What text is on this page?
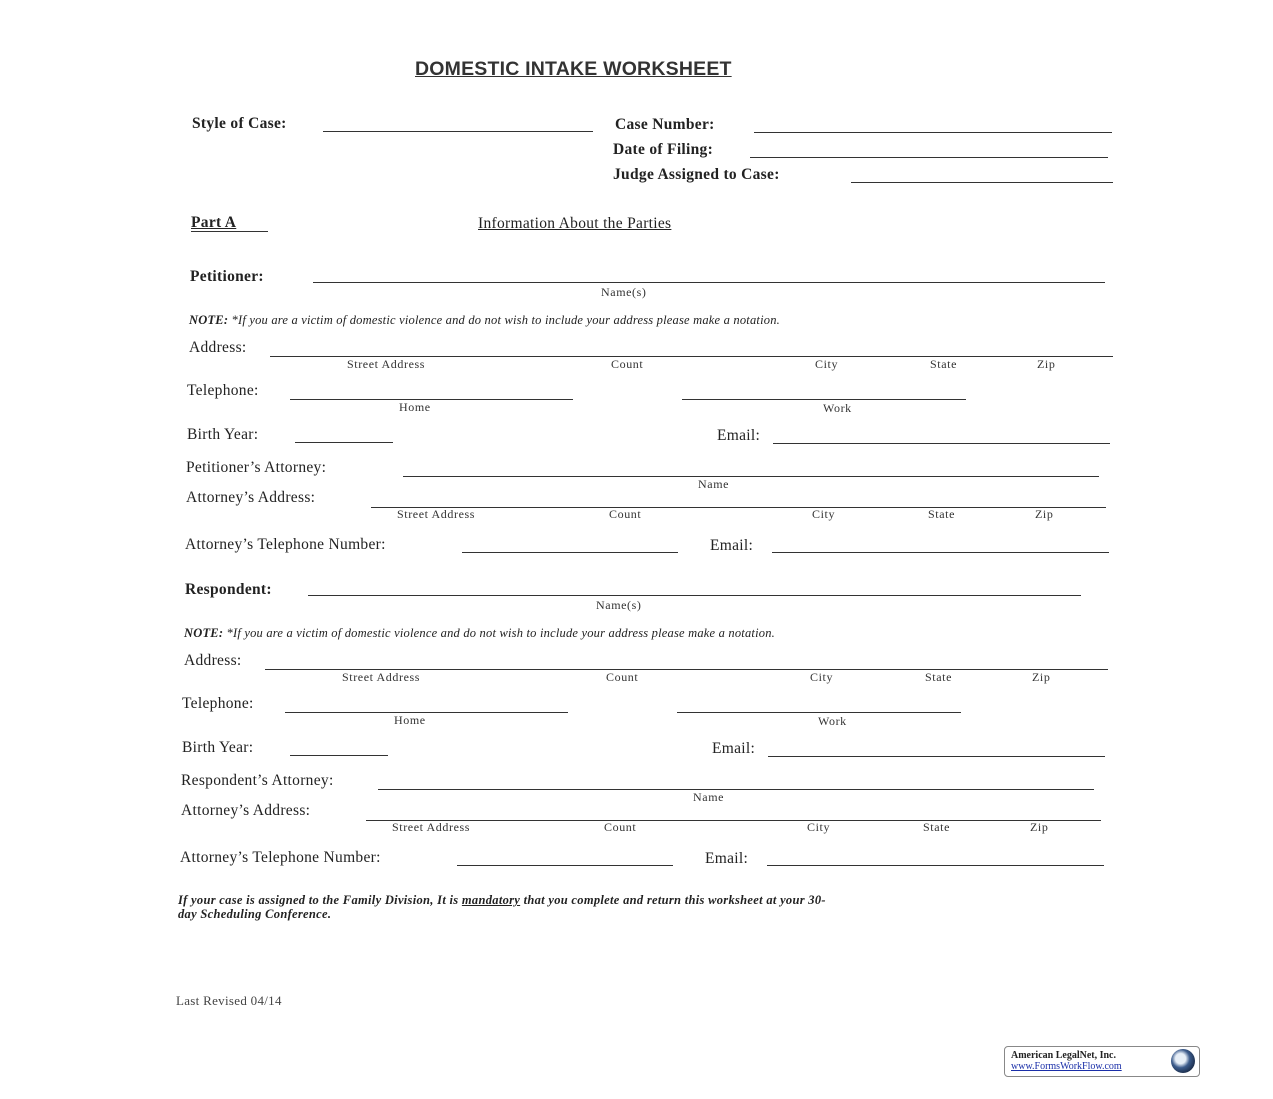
DOMESTIC INTAKE WORKSHEET
If your case is assigned to the Family Division, It is mandatory that you complete and return this worksheet at your 30-
day Scheduling Conference.
Last Revised 04/14
American LegalNet, Inc.
www.FormsWorkFlow.com
Style of Case:	Case Number:
Date of Filing:
Judge Assigned to Case:
Part A	Information About the Parties
Petitioner:
Name(s)
NOTE: *If you are a victim of domestic violence and do not wish to include your address please make a notation.
Address:
Street Address	Count	City	State	Zip
Telephone:
Home	Work
Birth Year:	Email:
Petitioner’s Attorney:
Name
Attorney’s Address:
Street Address	Count	City	State	Zip
Attorney’s Telephone Number:	Email:
Respondent:
Name(s)
NOTE: *If you are a victim of domestic violence and do not wish to include your address please make a notation.
Address:
Street Address	Count	City	State	Zip
Telephone:
Home	Work
Birth Year:	Email:
Respondent’s Attorney:
Name
Attorney’s Address:
Street Address	Count	City	State	Zip
Attorney’s Telephone Number:	Email:
